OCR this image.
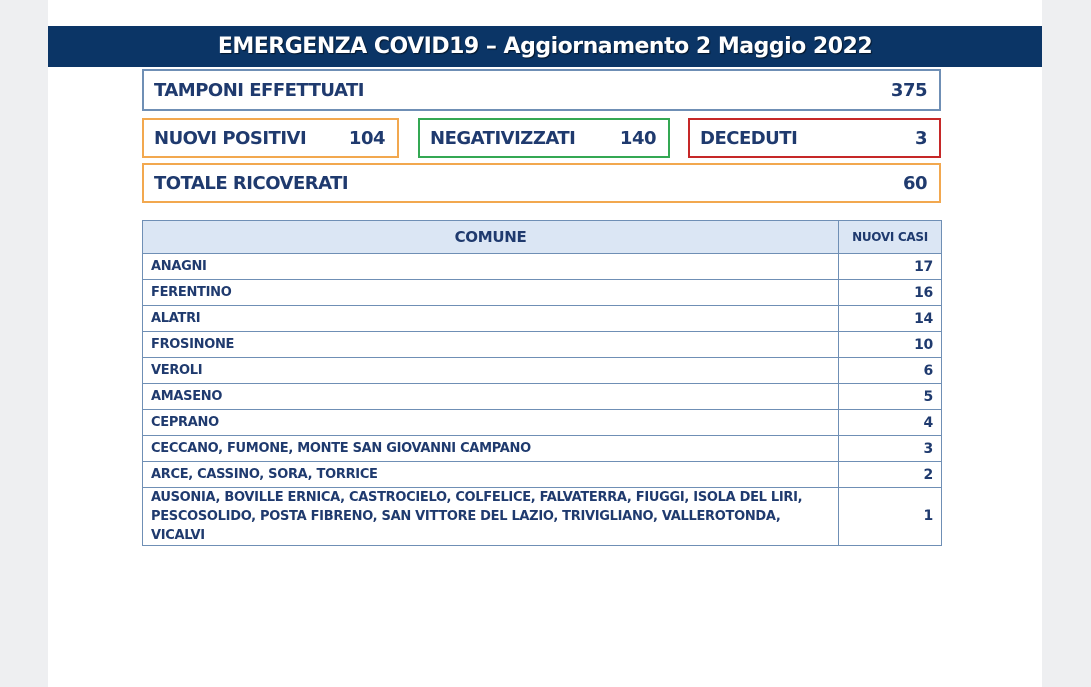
EMERGENZA COVID19 – Aggiornamento 2 Maggio 2022
TAMPONI EFFETTUATI	375
NUOVI POSITIVI 104	NEGATIVIZZATI 140 DECEDUTI	3
TOTALE RICOVERATI	60
COMUNE	NUOVI CASI
ANAGNI	17
FERENTINO	16
ALATRI	14
FROSINONE	10
VEROLI	6
AMASENO	5
CEPRANO	4
CECCANO, FUMONE, MONTE SAN GIOVANNI CAMPANO	3
ARCE, CASSINO, SORA, TORRICE	2
AUSONIA, BOVILLE ERNICA, CASTROCIELO, COLFELICE, FALVATERRA, FIUGGI, ISOLA DEL LIRI, PESCOSOLIDO, POSTA FIBRENO, SAN VITTORE DEL LAZIO, TRIVIGLIANO, VALLEROTONDA, VICALVI	1
